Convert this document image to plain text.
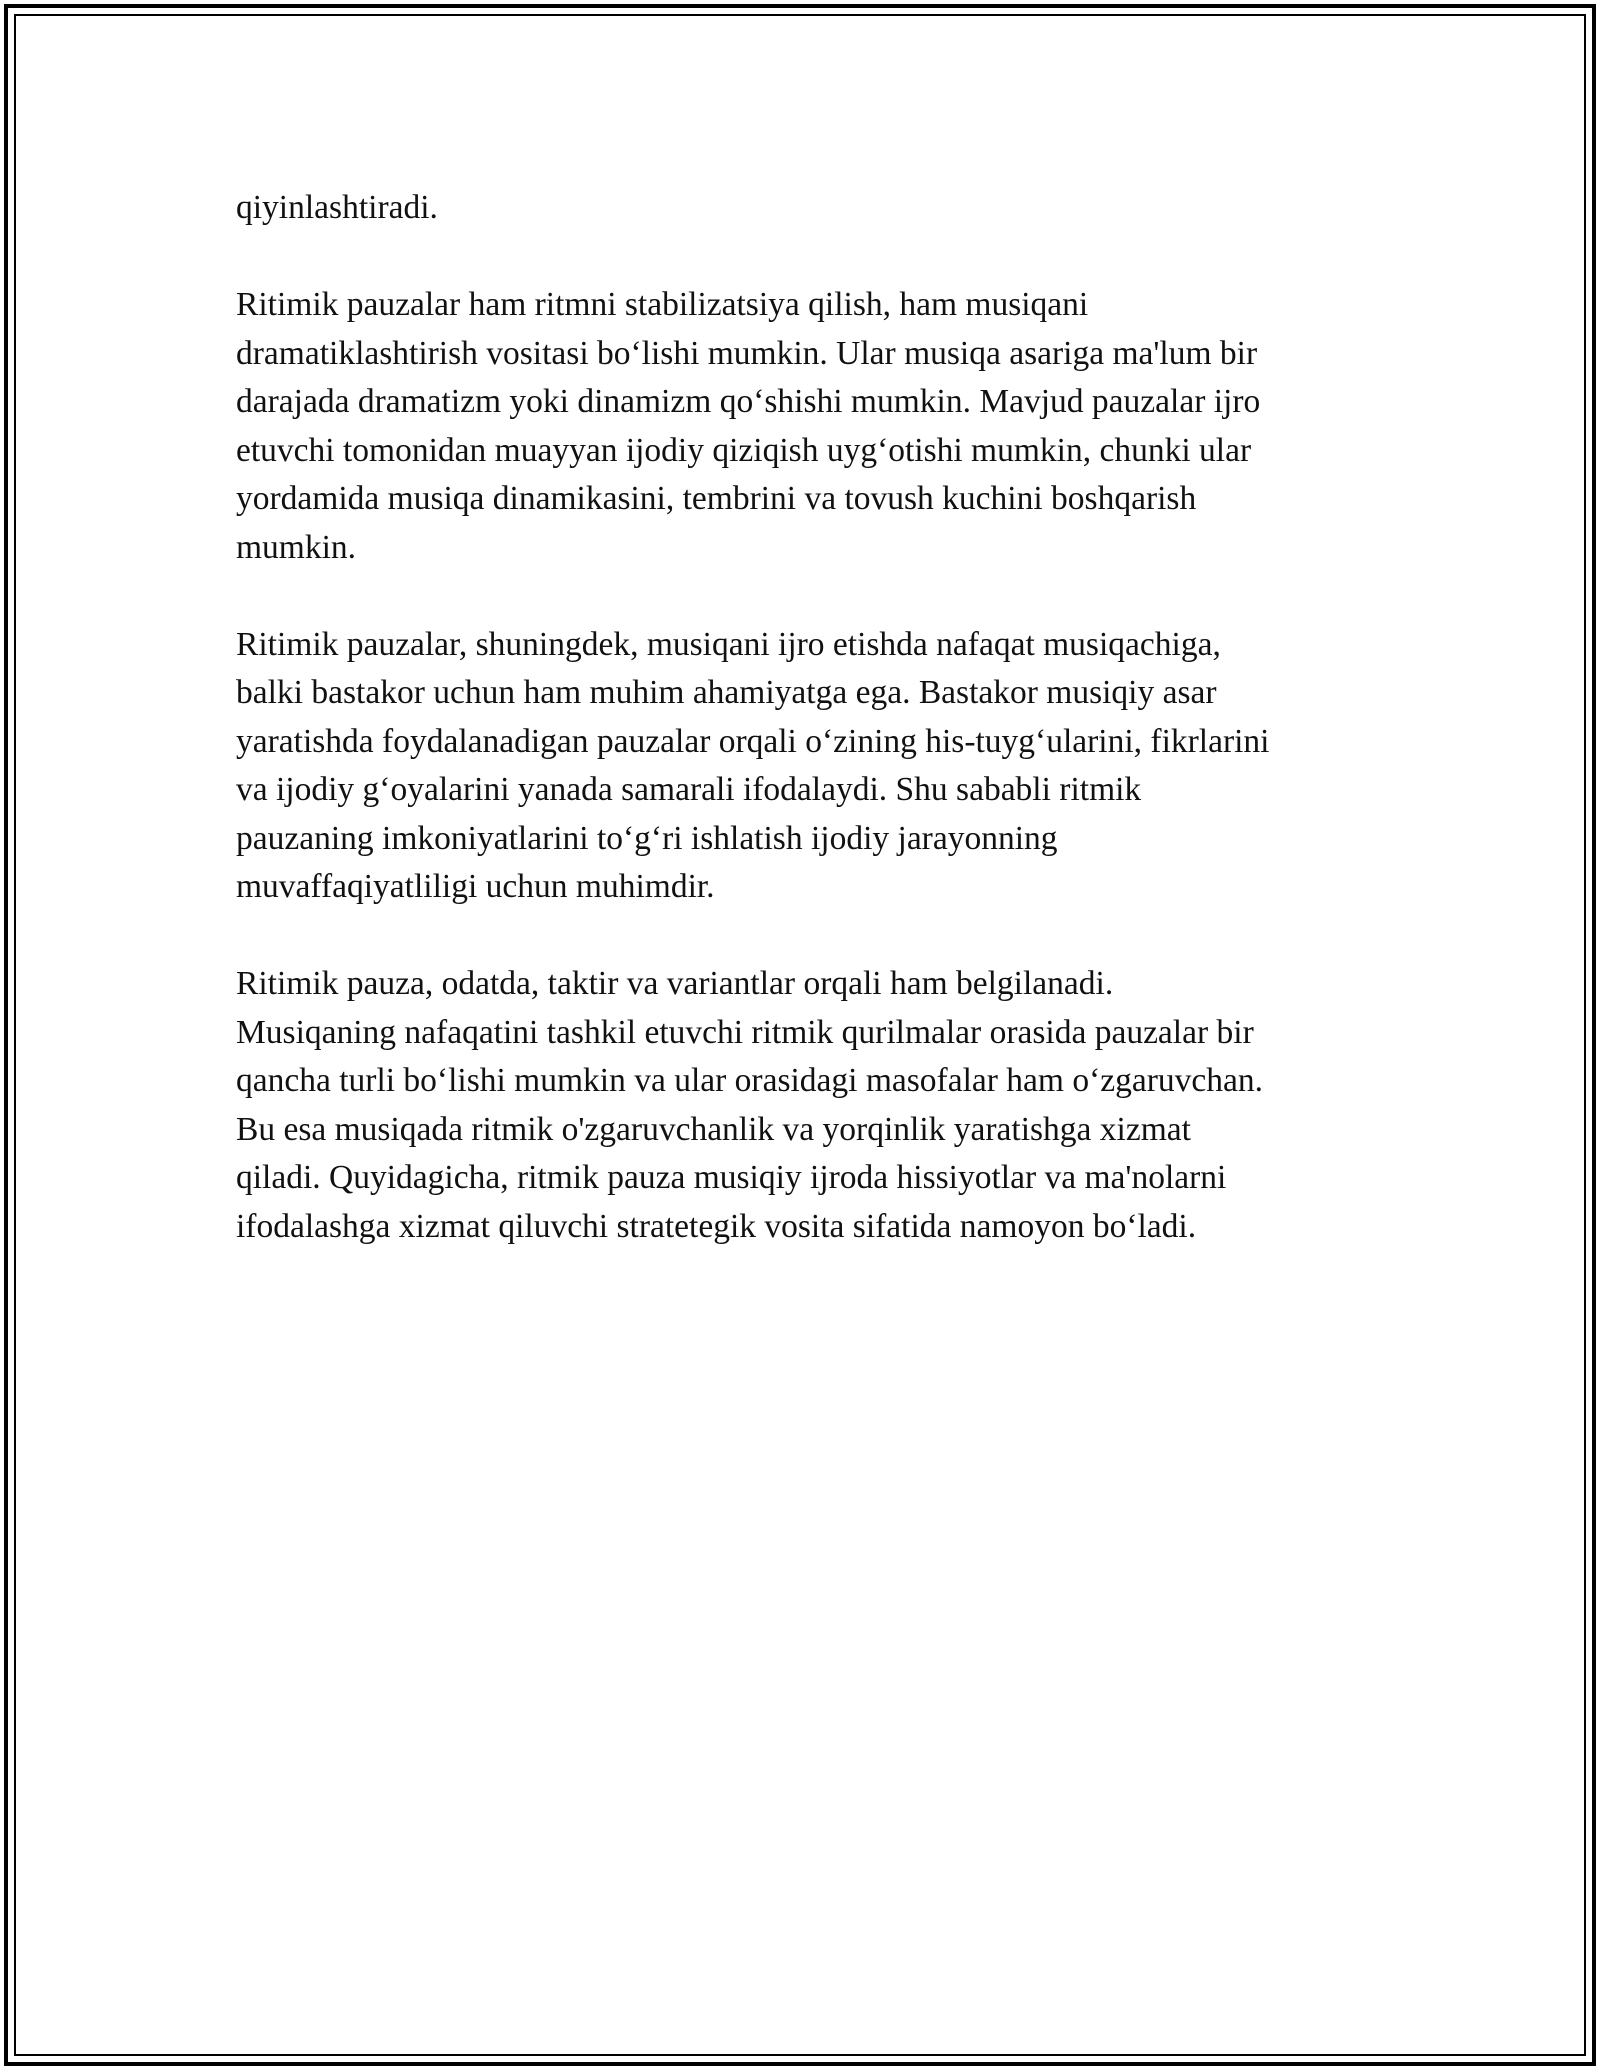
qiyinlashtiradi.

Ritimik pauzalar ham ritmni stabilizatsiya qilish, ham musiqani
dramatiklashtirish vositasi bo‘lishi mumkin. Ular musiqa asariga ma'lum bir
darajada dramatizm yoki dinamizm qo‘shishi mumkin. Mavjud pauzalar ijro
etuvchi tomonidan muayyan ijodiy qiziqish uyg‘otishi mumkin, chunki ular
yordamida musiqa dinamikasini, tembrini va tovush kuchini boshqarish
mumkin.

Ritimik pauzalar, shuningdek, musiqani ijro etishda nafaqat musiqachiga,
balki bastakor uchun ham muhim ahamiyatga ega. Bastakor musiqiy asar
yaratishda foydalanadigan pauzalar orqali o‘zining his-tuyg‘ularini, fikrlarini
va ijodiy g‘oyalarini yanada samarali ifodalaydi. Shu sababli ritmik
pauzaning imkoniyatlarini to‘g‘ri ishlatish ijodiy jarayonning
muvaffaqiyatliligi uchun muhimdir.

Ritimik pauza, odatda, taktir va variantlar orqali ham belgilanadi.
Musiqaning nafaqatini tashkil etuvchi ritmik qurilmalar orasida pauzalar bir
qancha turli bo‘lishi mumkin va ular orasidagi masofalar ham o‘zgaruvchan.
Bu esa musiqada ritmik o'zgaruvchanlik va yorqinlik yaratishga xizmat
qiladi. Quyidagicha, ritmik pauza musiqiy ijroda hissiyotlar va ma'nolarni
ifodalashga xizmat qiluvchi stratetegik vosita sifatida namoyon bo‘ladi.
